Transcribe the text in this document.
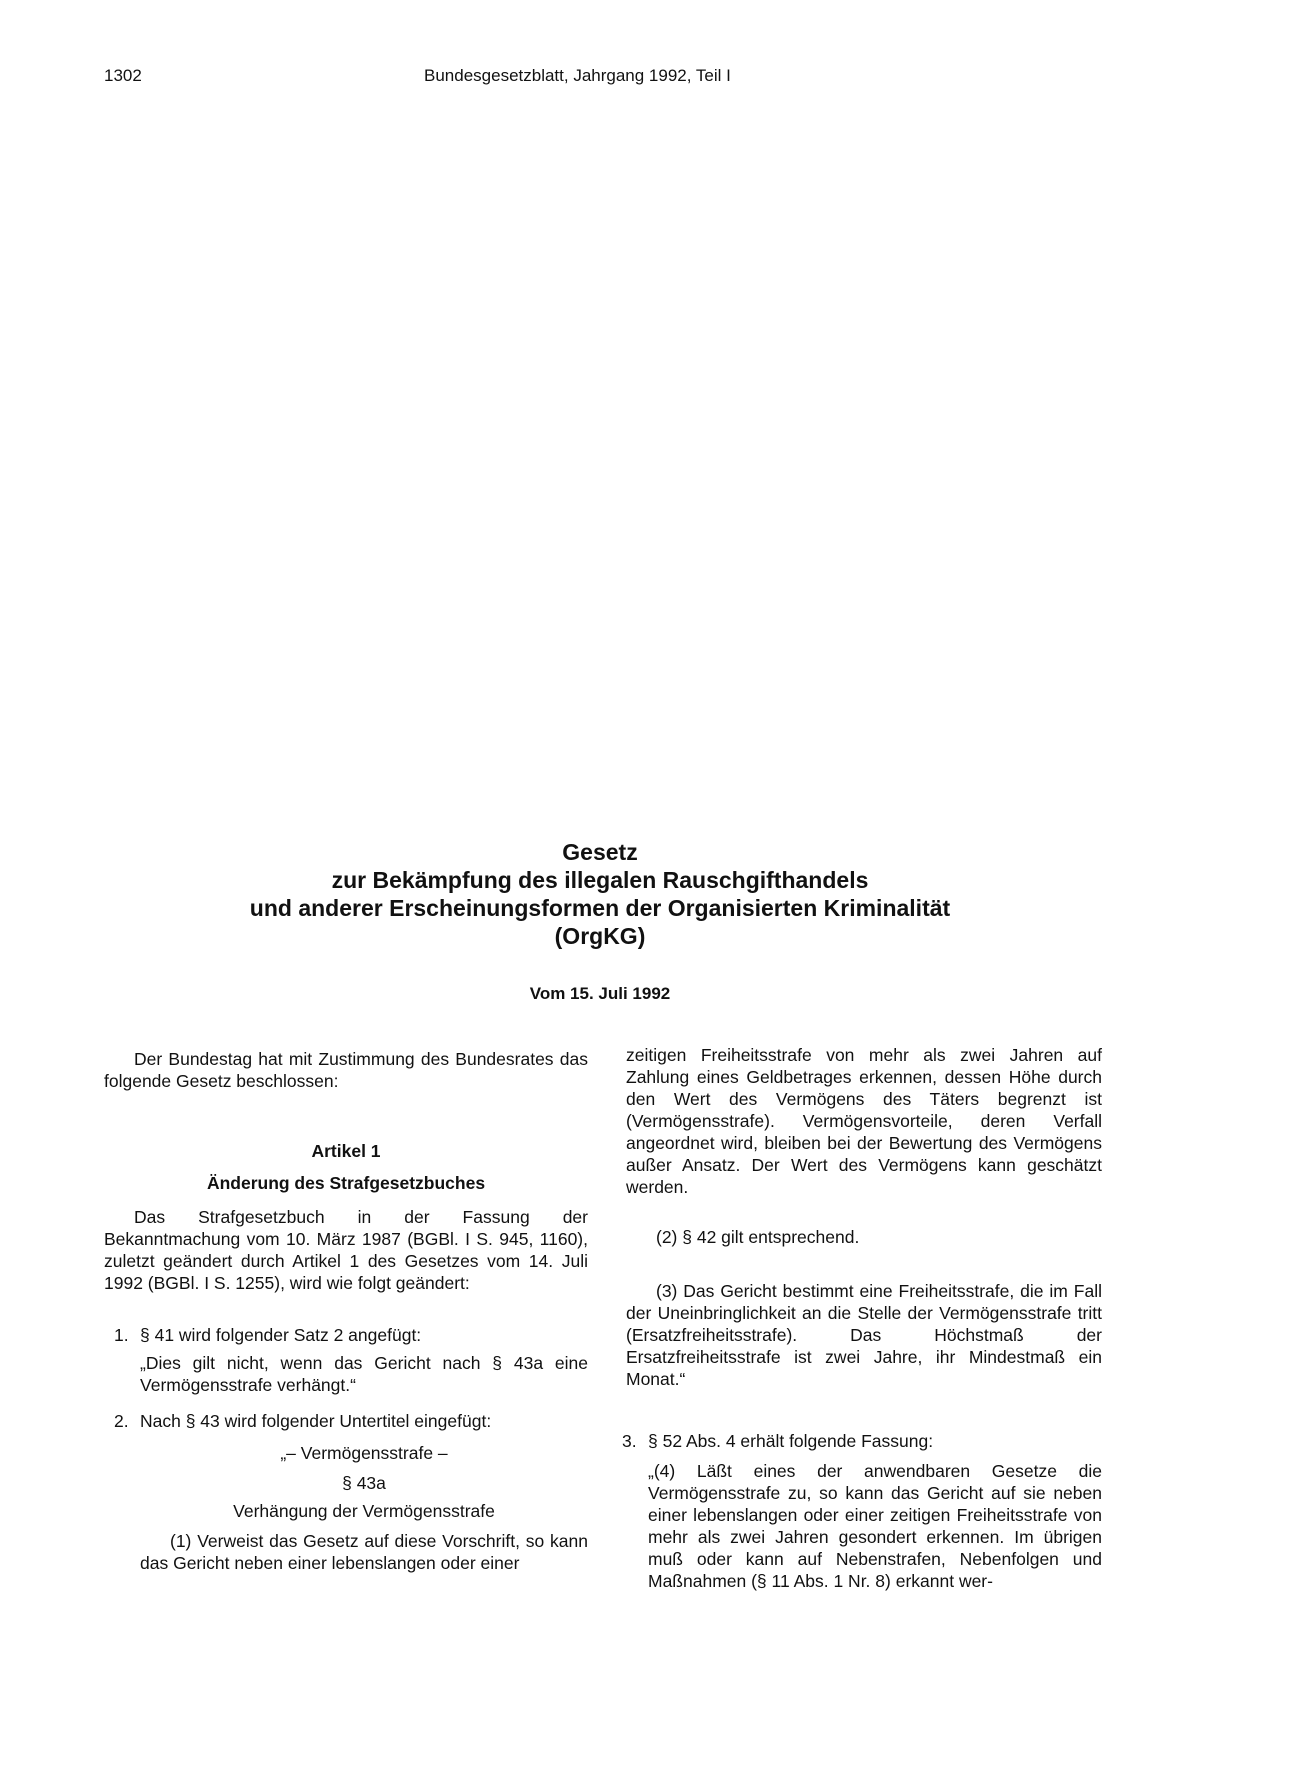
1302	Bundesgesetzblatt, Jahrgang 1992, Teil I
Gesetz
zur Bekämpfung des illegalen Rauschgifthandels
und anderer Erscheinungsformen der Organisierten Kriminalität
(OrgKG)
Vom 15. Juli 1992
Der Bundestag hat mit Zustimmung des Bundesrates das folgende Gesetz beschlossen:
Artikel 1
Änderung des Strafgesetzbuches
Das Strafgesetzbuch in der Fassung der Bekanntmachung vom 10. März 1987 (BGBl. I S. 945, 1160), zuletzt geändert durch Artikel 1 des Gesetzes vom 14. Juli 1992 (BGBl. I S. 1255), wird wie folgt geändert:
1. § 41 wird folgender Satz 2 angefügt:
„Dies gilt nicht, wenn das Gericht nach § 43a eine Vermögensstrafe verhängt.“
2. Nach § 43 wird folgender Untertitel eingefügt:
„– Vermögensstrafe –
§ 43a
Verhängung der Vermögensstrafe
(1) Verweist das Gesetz auf diese Vorschrift, so kann das Gericht neben einer lebenslangen oder einer
zeitigen Freiheitsstrafe von mehr als zwei Jahren auf Zahlung eines Geldbetrages erkennen, dessen Höhe durch den Wert des Vermögens des Täters begrenzt ist (Vermögensstrafe). Vermögensvorteile, deren Verfall angeordnet wird, bleiben bei der Bewertung des Vermögens außer Ansatz. Der Wert des Vermögens kann geschätzt werden.
(2) § 42 gilt entsprechend.
(3) Das Gericht bestimmt eine Freiheitsstrafe, die im Fall der Uneinbringlichkeit an die Stelle der Vermögensstrafe tritt (Ersatzfreiheitsstrafe). Das Höchstmaß der Ersatzfreiheitsstrafe ist zwei Jahre, ihr Mindestmaß ein Monat.“
3. § 52 Abs. 4 erhält folgende Fassung:
„(4) Läßt eines der anwendbaren Gesetze die Vermögensstrafe zu, so kann das Gericht auf sie neben einer lebenslangen oder einer zeitigen Freiheitsstrafe von mehr als zwei Jahren gesondert erkennen. Im übrigen muß oder kann auf Nebenstrafen, Nebenfolgen und Maßnahmen (§ 11 Abs. 1 Nr. 8) erkannt wer-
